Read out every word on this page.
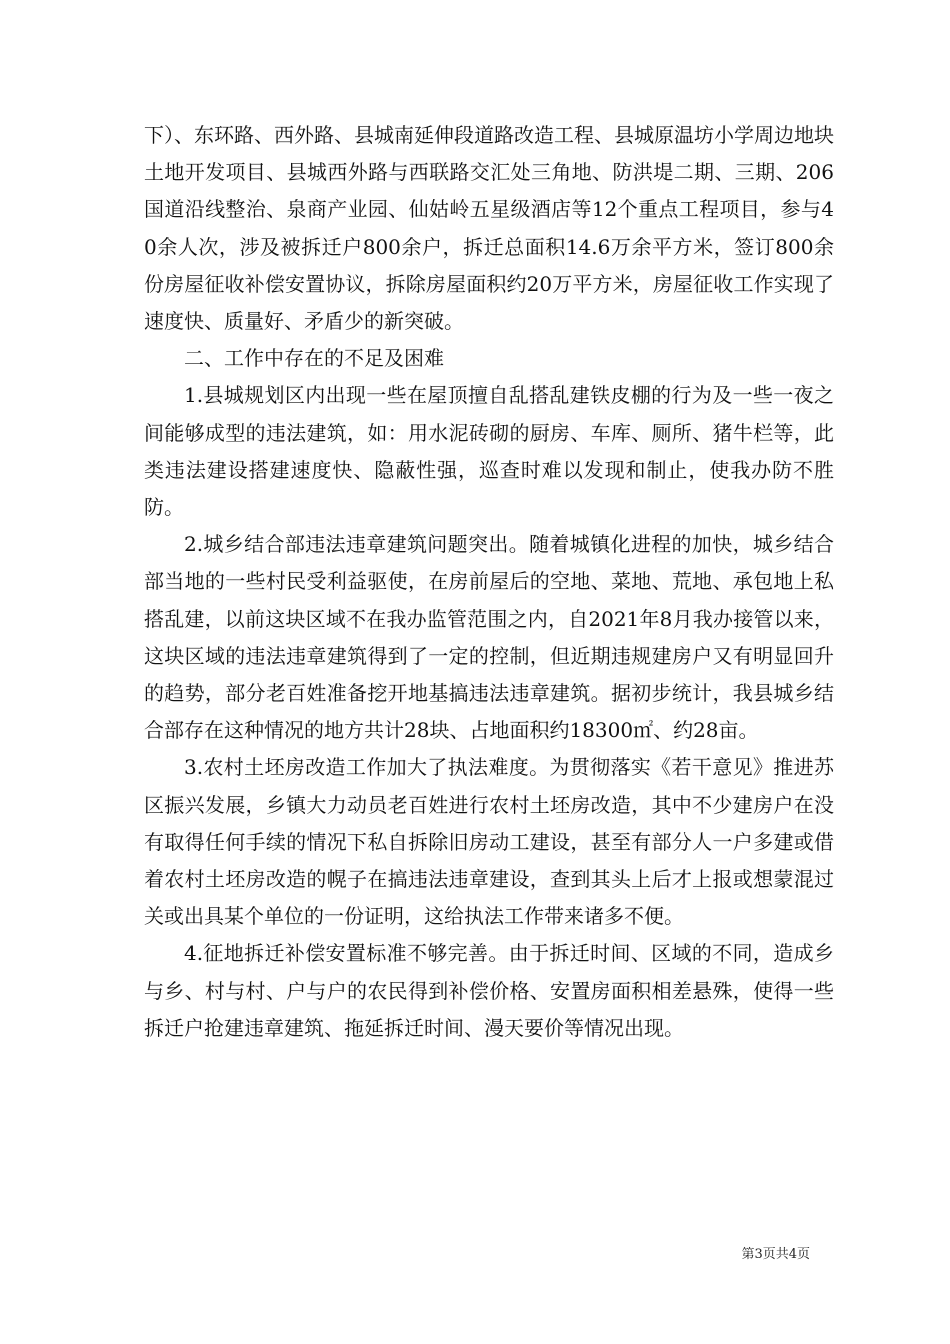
下）、东环路、西外路、县城南延伸段道路改造工程、县城原温坊小学周边地块土地开发项目、县城西外路与西联路交汇处三角地、防洪堤二期、三期、206国道沿线整治、泉商产业园、仙姑岭五星级酒店等12个重点工程项目，参与40余人次，涉及被拆迁户800余户，拆迁总面积14.6万余平方米，签订800余份房屋征收补偿安置协议，拆除房屋面积约20万平方米，房屋征收工作实现了速度快、质量好、矛盾少的新突破。

二、工作中存在的不足及困难

1.县城规划区内出现一些在屋顶擅自乱搭乱建铁皮棚的行为及一些一夜之间能够成型的违法建筑，如：用水泥砖砌的厨房、车库、厕所、猪牛栏等，此类违法建设搭建速度快、隐蔽性强，巡查时难以发现和制止，使我办防不胜防。

2.城乡结合部违法违章建筑问题突出。随着城镇化进程的加快，城乡结合部当地的一些村民受利益驱使，在房前屋后的空地、菜地、荒地、承包地上私搭乱建，以前这块区域不在我办监管范围之内，自2021年8月我办接管以来，这块区域的违法违章建筑得到了一定的控制，但近期违规建房户又有明显回升的趋势，部分老百姓准备挖开地基搞违法违章建筑。据初步统计，我县城乡结合部存在这种情况的地方共计28块、占地面积约18300㎡、约28亩。

3.农村土坯房改造工作加大了执法难度。为贯彻落实《若干意见》推进苏区振兴发展，乡镇大力动员老百姓进行农村土坯房改造，其中不少建房户在没有取得任何手续的情况下私自拆除旧房动工建设，甚至有部分人一户多建或借着农村土坯房改造的幌子在搞违法违章建设，查到其头上后才上报或想蒙混过关或出具某个单位的一份证明，这给执法工作带来诸多不便。

4.征地拆迁补偿安置标准不够完善。由于拆迁时间、区域的不同，造成乡与乡、村与村、户与户的农民得到补偿价格、安置房面积相差悬殊，使得一些拆迁户抢建违章建筑、拖延拆迁时间、漫天要价等情况出现。

第3页共4页
